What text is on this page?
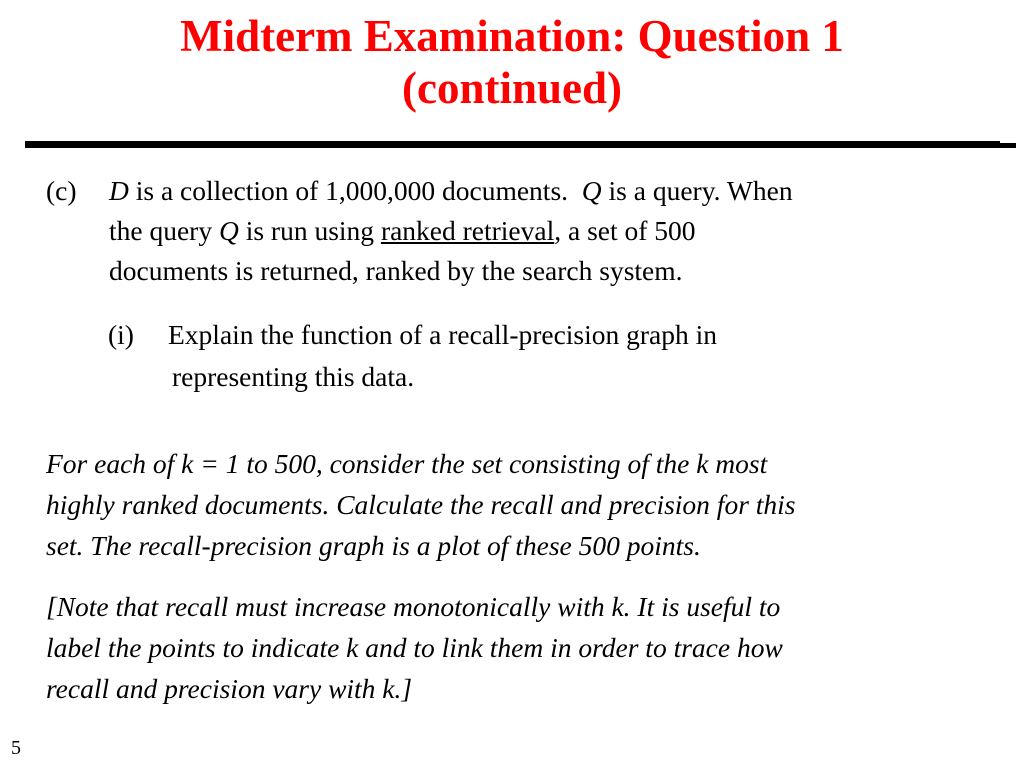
Midterm Examination: Question 1
(continued)
(c) D is a collection of 1,000,000 documents.  Q is a query. When
the query Q is run using ranked retrieval, a set of 500
documents is returned, ranked by the search system.
(i) Explain the function of a recall-precision graph in
representing this data.
For each of k = 1 to 500, consider the set consisting of the k most
highly ranked documents. Calculate the recall and precision for this
set. The recall-precision graph is a plot of these 500 points.
[Note that recall must increase monotonically with k. It is useful to
label the points to indicate k and to link them in order to trace how
recall and precision vary with k.]
5
